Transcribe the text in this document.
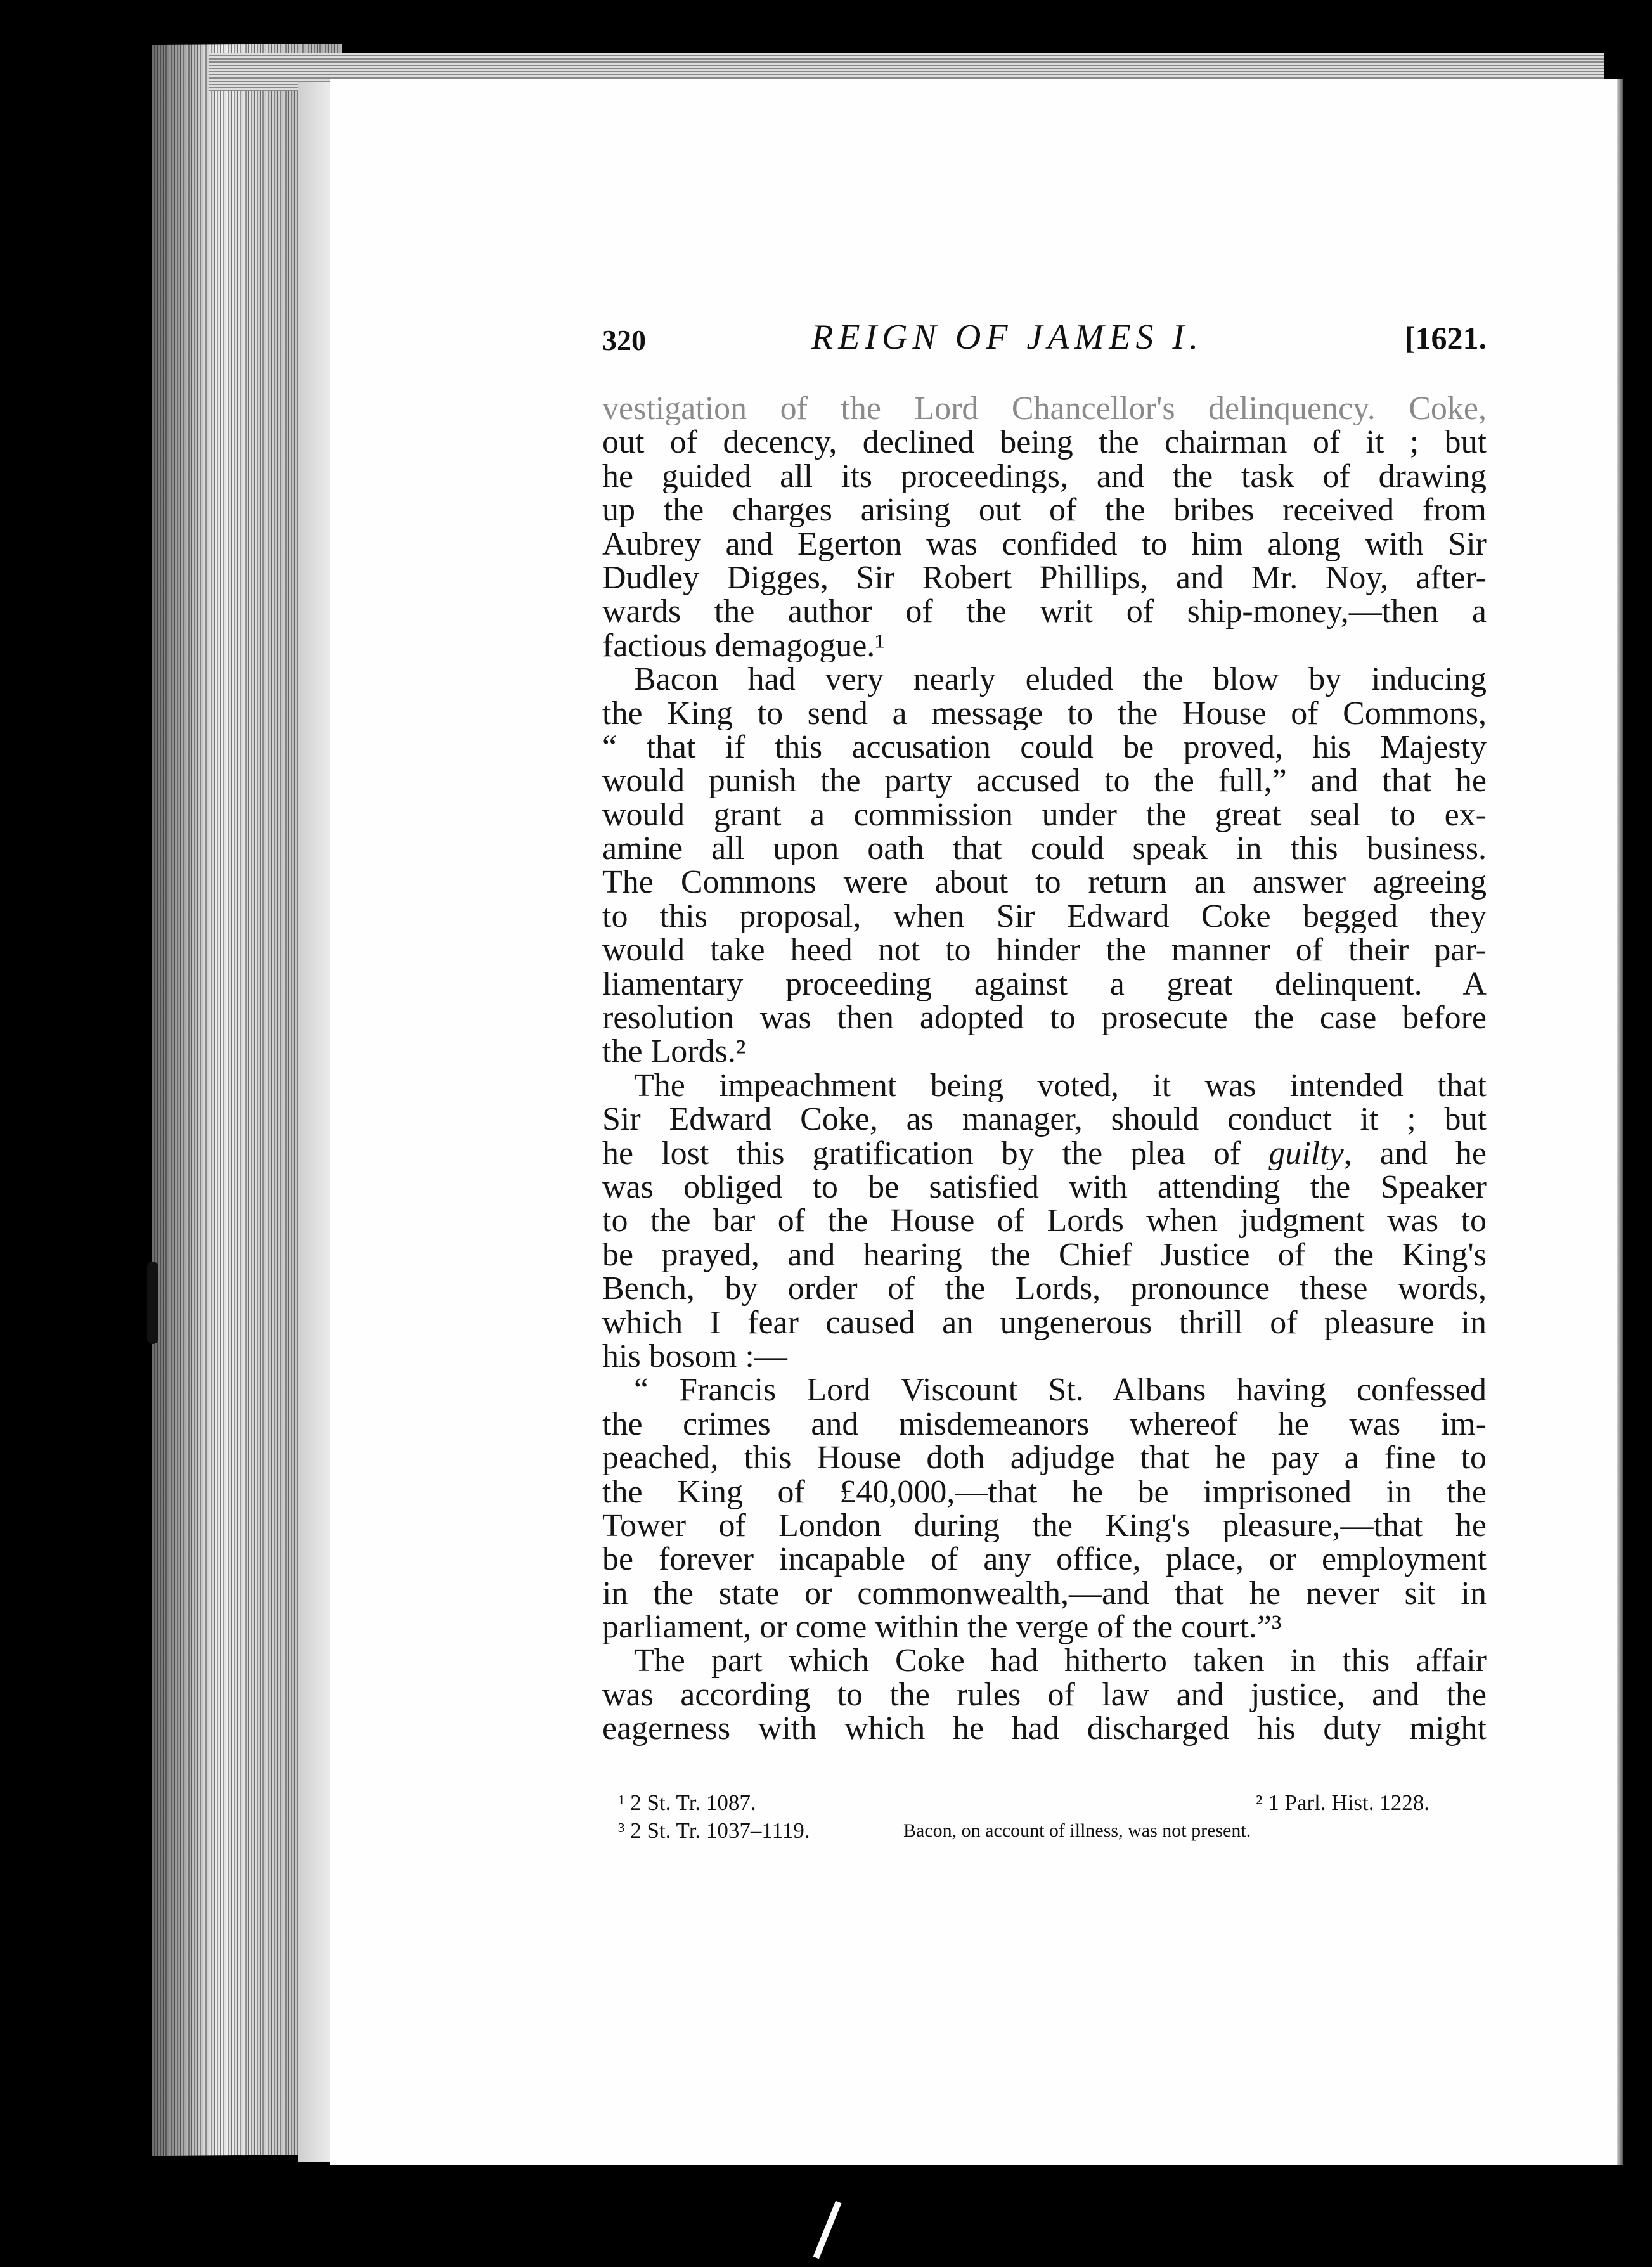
320	REIGN OF JAMES I.	[1621.
vestigation of the Lord Chancellor's delinquency. Coke,
out of decency, declined being the chairman of it ; but
he guided all its proceedings, and the task of drawing
up the charges arising out of the bribes received from
Aubrey and Egerton was confided to him along with Sir
Dudley Digges, Sir Robert Phillips, and Mr. Noy, after-
wards the author of the writ of ship-money,—then a
factious demagogue.¹
Bacon had very nearly eluded the blow by inducing
the King to send a message to the House of Commons,
“ that if this accusation could be proved, his Majesty
would punish the party accused to the full,” and that he
would grant a commission under the great seal to ex-
amine all upon oath that could speak in this business.
The Commons were about to return an answer agreeing
to this proposal, when Sir Edward Coke begged they
would take heed not to hinder the manner of their par-
liamentary proceeding against a great delinquent. A
resolution was then adopted to prosecute the case before
the Lords.²
The impeachment being voted, it was intended that
Sir Edward Coke, as manager, should conduct it ; but
he lost this gratification by the plea of guilty, and he
was obliged to be satisfied with attending the Speaker
to the bar of the House of Lords when judgment was to
be prayed, and hearing the Chief Justice of the King's
Bench, by order of the Lords, pronounce these words,
which I fear caused an ungenerous thrill of pleasure in
his bosom :—
“ Francis Lord Viscount St. Albans having confessed
the crimes and misdemeanors whereof he was im-
peached, this House doth adjudge that he pay a fine to
the King of £40,000,—that he be imprisoned in the
Tower of London during the King's pleasure,—that he
be forever incapable of any office, place, or employment
in the state or commonwealth,—and that he never sit in
parliament, or come within the verge of the court.”³
The part which Coke had hitherto taken in this affair
was according to the rules of law and justice, and the
eagerness with which he had discharged his duty might
¹ 2 St. Tr. 1087.	² 1 Parl. Hist. 1228.
³ 2 St. Tr. 1037–1119.	Bacon, on account of illness, was not present.
